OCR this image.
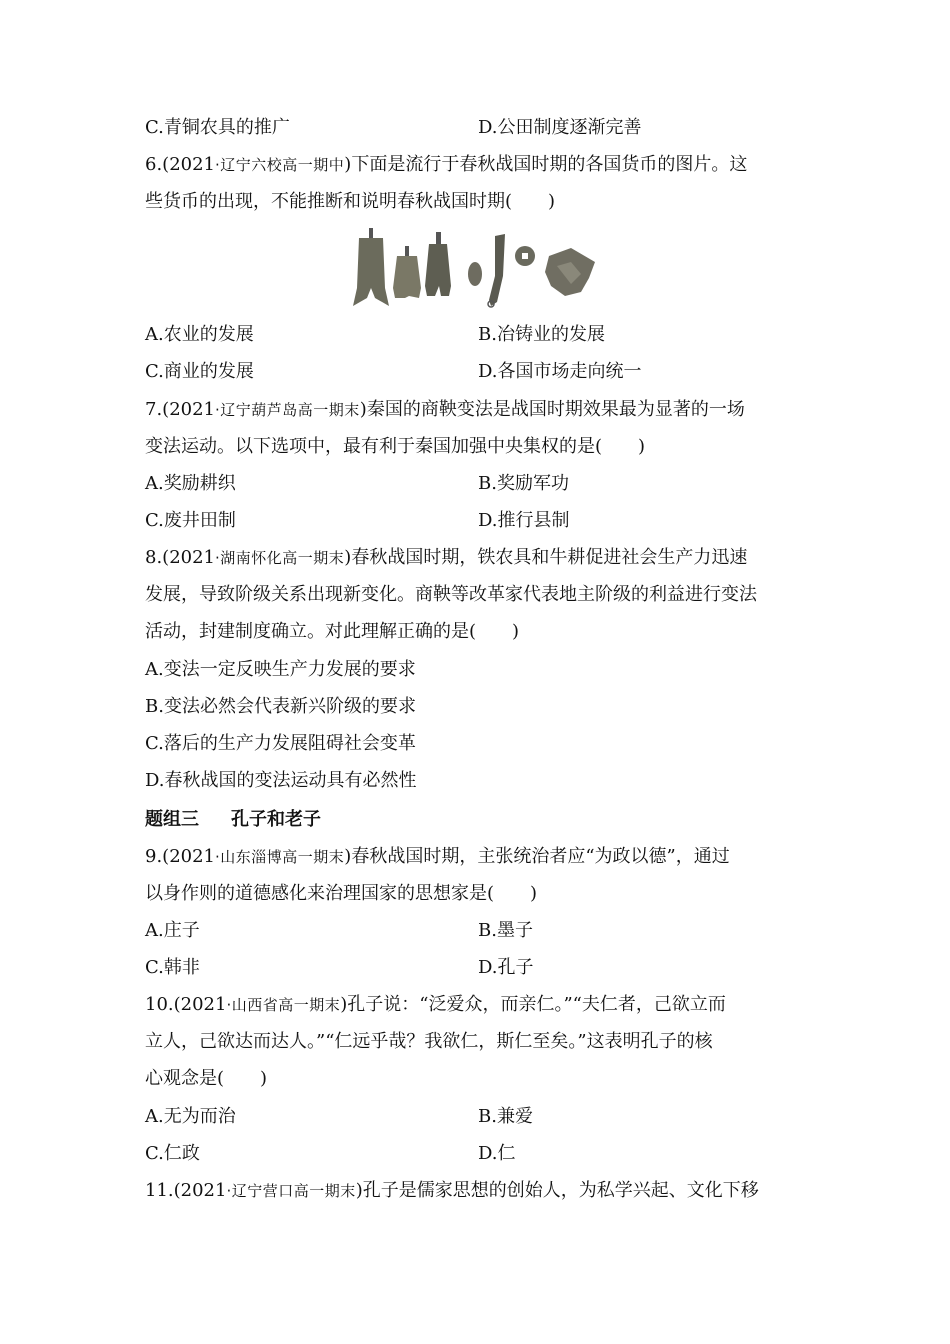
C.青铜农具的推广	D.公田制度逐渐完善
6.(2021·辽宁六校高一期中)下面是流行于春秋战国时期的各国货币的图片。这
些货币的出现，不能推断和说明春秋战国时期(　　)
A.农业的发展	B.冶铸业的发展
C.商业的发展	D.各国市场走向统一
7.(2021·辽宁葫芦岛高一期末)秦国的商鞅变法是战国时期效果最为显著的一场
变法运动。以下选项中，最有利于秦国加强中央集权的是(　　)
A.奖励耕织	B.奖励军功
C.废井田制	D.推行县制
8.(2021·湖南怀化高一期末)春秋战国时期，铁农具和牛耕促进社会生产力迅速
发展，导致阶级关系出现新变化。商鞅等改革家代表地主阶级的利益进行变法
活动，封建制度确立。对此理解正确的是(　　)
A.变法一定反映生产力发展的要求
B.变法必然会代表新兴阶级的要求
C.落后的生产力发展阻碍社会变革
D.春秋战国的变法运动具有必然性
题组三 孔子和老子
9.(2021·山东淄博高一期末)春秋战国时期，主张统治者应“为政以德”，通过
以身作则的道德感化来治理国家的思想家是(　　)
A.庄子	B.墨子
C.韩非	D.孔子
10.(2021·山西省高一期末)孔子说：“泛爱众，而亲仁。”“夫仁者，己欲立而
立人，己欲达而达人。”“仁远乎哉？我欲仁，斯仁至矣。”这表明孔子的核
心观念是(　　)
A.无为而治	B.兼爱
C.仁政	D.仁
11.(2021·辽宁营口高一期末)孔子是儒家思想的创始人，为私学兴起、文化下移
